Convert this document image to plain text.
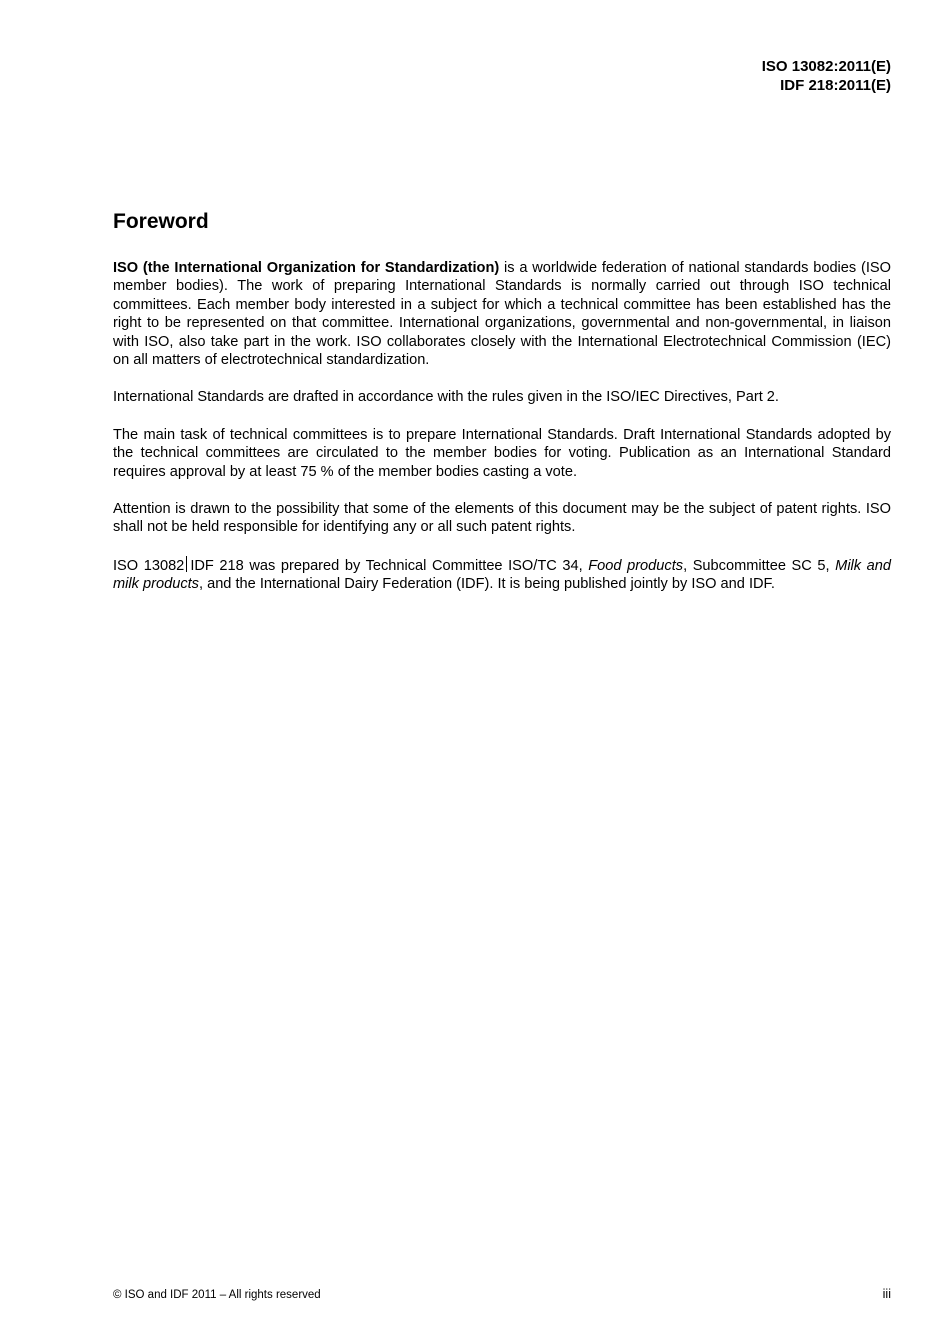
ISO 13082:2011(E)
IDF 218:2011(E)
Foreword

ISO (the International Organization for Standardization) is a worldwide federation of national standards bodies (ISO member bodies). The work of preparing International Standards is normally carried out through ISO technical committees. Each member body interested in a subject for which a technical committee has been established has the right to be represented on that committee. International organizations, governmental and non-governmental, in liaison with ISO, also take part in the work. ISO collaborates closely with the International Electrotechnical Commission (IEC) on all matters of electrotechnical standardization.

International Standards are drafted in accordance with the rules given in the ISO/IEC Directives, Part 2.

The main task of technical committees is to prepare International Standards. Draft International Standards adopted by the technical committees are circulated to the member bodies for voting. Publication as an International Standard requires approval by at least 75 % of the member bodies casting a vote.

Attention is drawn to the possibility that some of the elements of this document may be the subject of patent rights. ISO shall not be held responsible for identifying any or all such patent rights.

ISO 13082 IDF 218 was prepared by Technical Committee ISO/TC 34, Food products, Subcommittee SC 5, Milk and milk products, and the International Dairy Federation (IDF). It is being published jointly by ISO and IDF.

© ISO and IDF 2011 – All rights reserved	iii
